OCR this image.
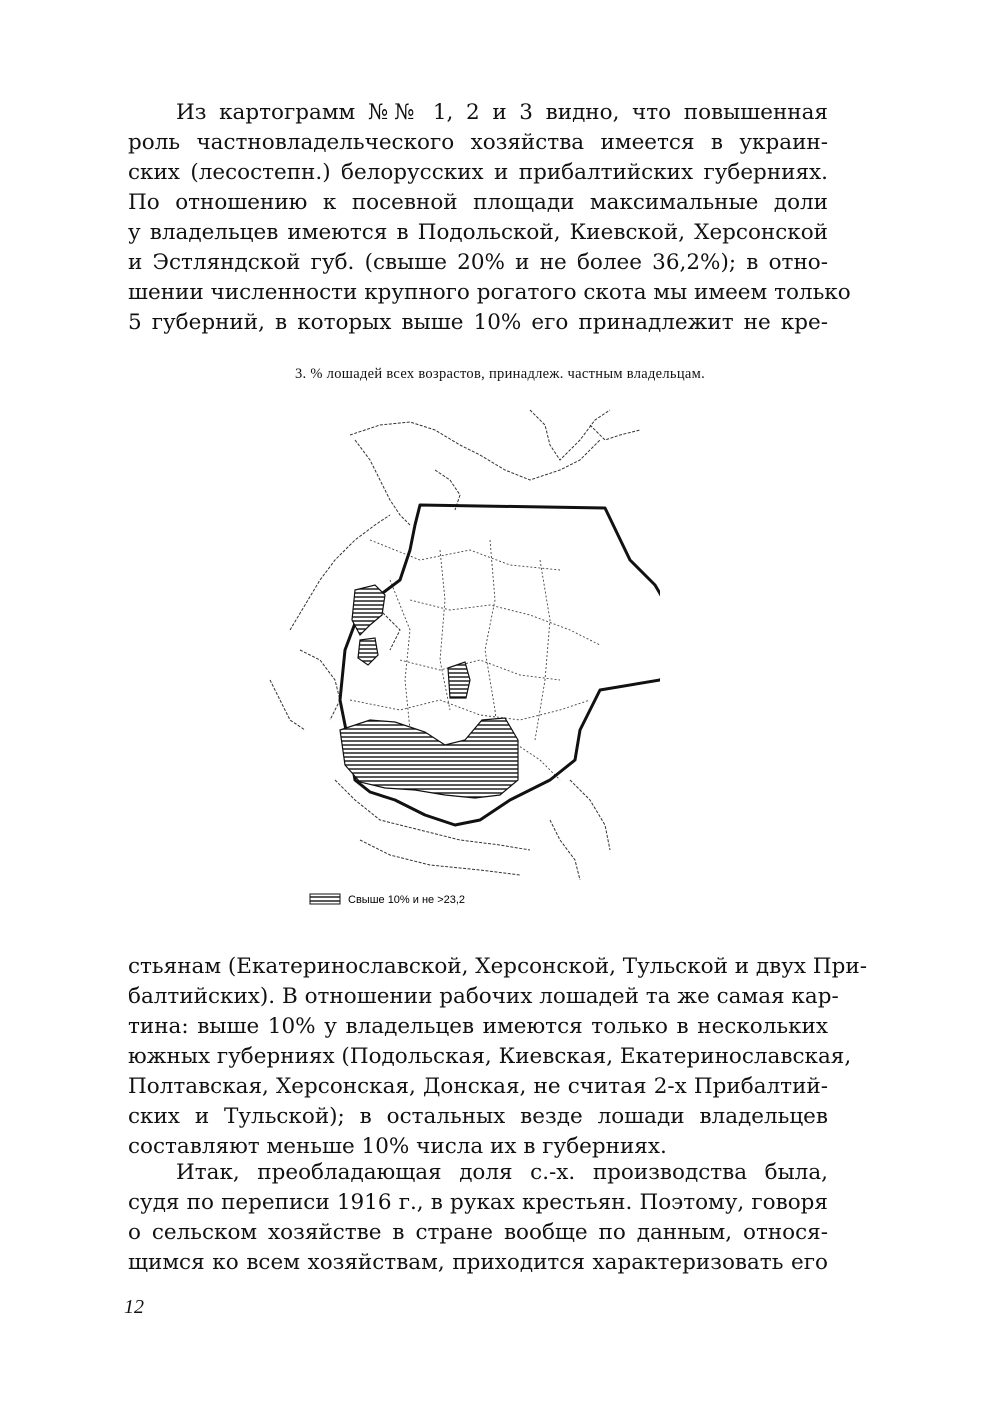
Из картограмм №№ 1, 2 и 3 видно, что повышенная
роль частновладельческого хозяйства имеется в украин-
ских (лесостепн.) белорусских и прибалтийских губерниях.
По отношению к посевной площади максимальные доли
у владельцев имеются в Подольской, Киевской, Херсонской
и Эстляндской губ. (свыше 20% и не более 36,2%); в отно-
шении численности крупного рогатого скота мы имеем только
5 губерний, в которых выше 10% его принадлежит не кре-
3. % лошадей всех возрастов, принадлеж. частным владельцам.
Свыше 10% и не >23,2
стьянам (Екатеринославской, Херсонской, Тульской и двух При-
балтийских). В отношении рабочих лошадей та же самая кар-
тина: выше 10% у владельцев имеются только в нескольких
южных губерниях (Подольская, Киевская, Екатеринославская,
Полтавская, Херсонская, Донская, не считая 2-х Прибалтий-
ских и Тульской); в остальных везде лошади владельцев
составляют меньше 10% числа их в губерниях.
Итак, преобладающая доля с.-х. производства была,
судя по переписи 1916 г., в руках крестьян. Поэтому, говоря
о сельском хозяйстве в стране вообще по данным, относя-
щимся ко всем хозяйствам, приходится характеризовать его
12
